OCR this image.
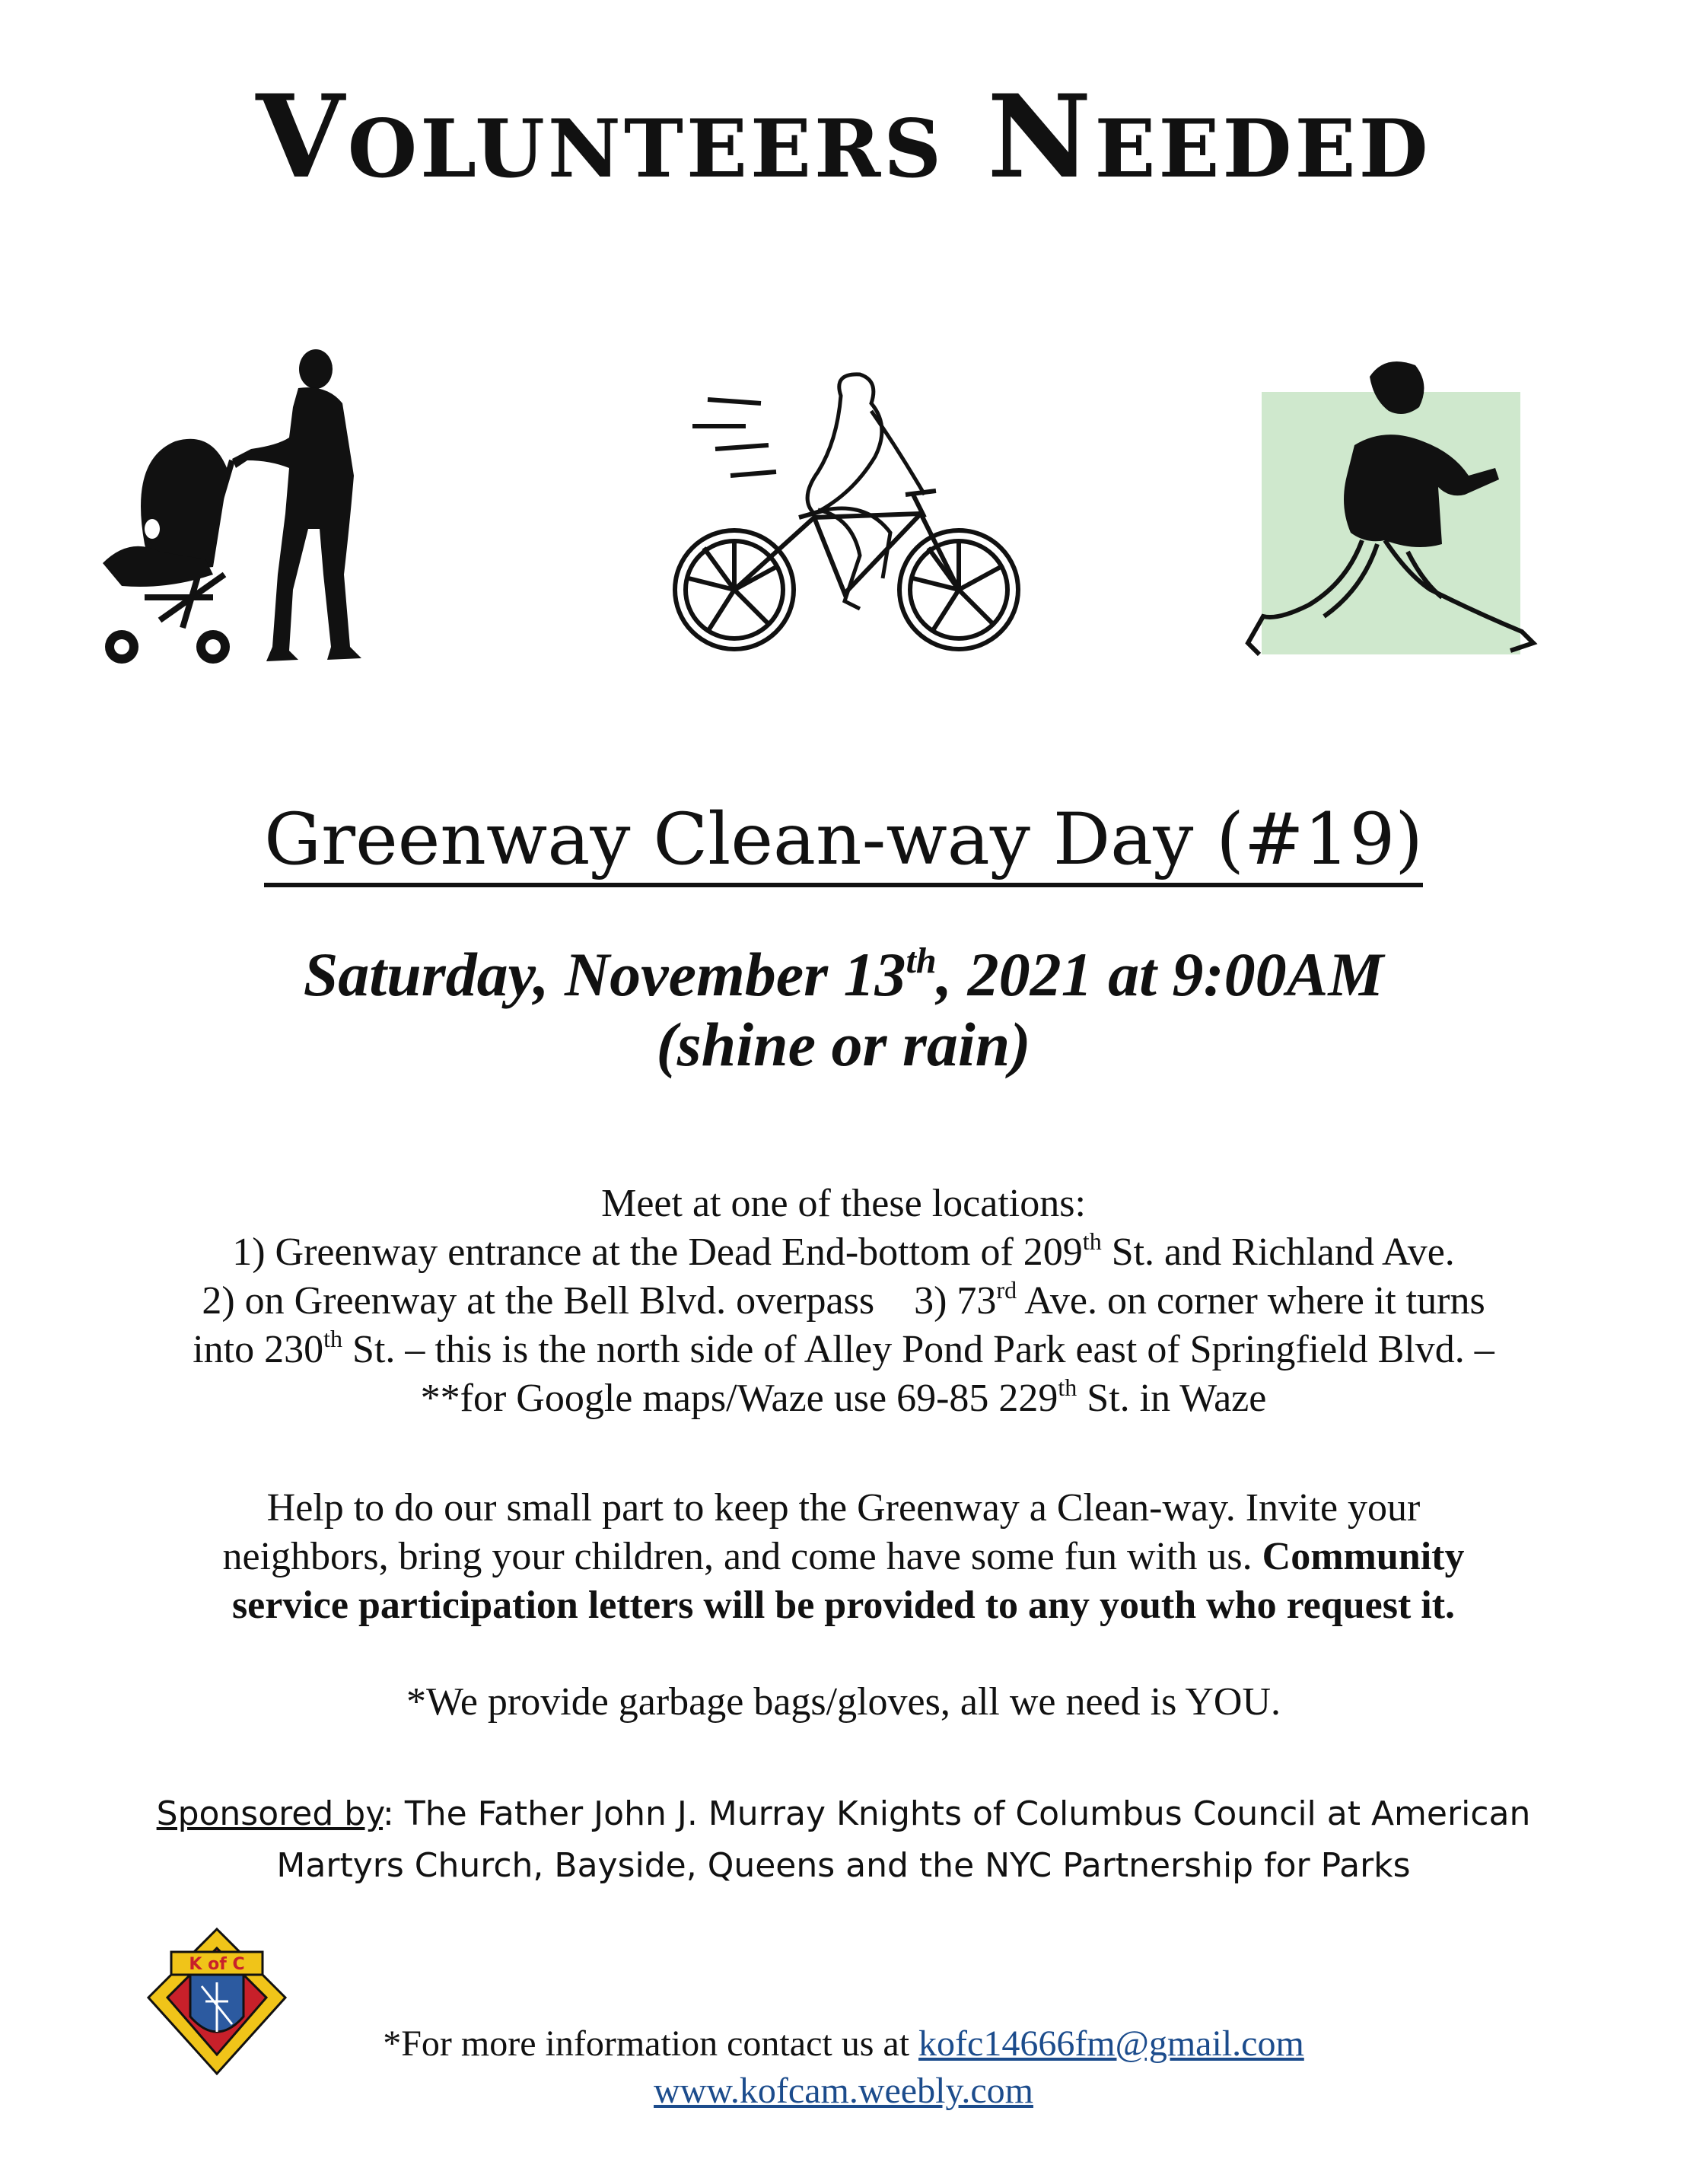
Volunteers Needed
Greenway Clean-way Day (#19)
Saturday, November 13th, 2021 at 9:00AM
(shine or rain)
Meet at one of these locations:
1) Greenway entrance at the Dead End-bottom of 209th St. and Richland Ave.
2) on Greenway at the Bell Blvd. overpass    3) 73rd Ave. on corner where it turns
into 230th St. – this is the north side of Alley Pond Park east of Springfield Blvd. –
**for Google maps/Waze use 69-85 229th St. in Waze
Help to do our small part to keep the Greenway a Clean-way. Invite your
neighbors, bring your children, and come have some fun with us. Community
service participation letters will be provided to any youth who request it.
*We provide garbage bags/gloves, all we need is YOU.
Sponsored by: The Father John J. Murray Knights of Columbus Council at American
Martyrs Church, Bayside, Queens and the NYC Partnership for Parks
K of C
*For more information contact us at kofc14666fm@gmail.com
www.kofcam.weebly.com
